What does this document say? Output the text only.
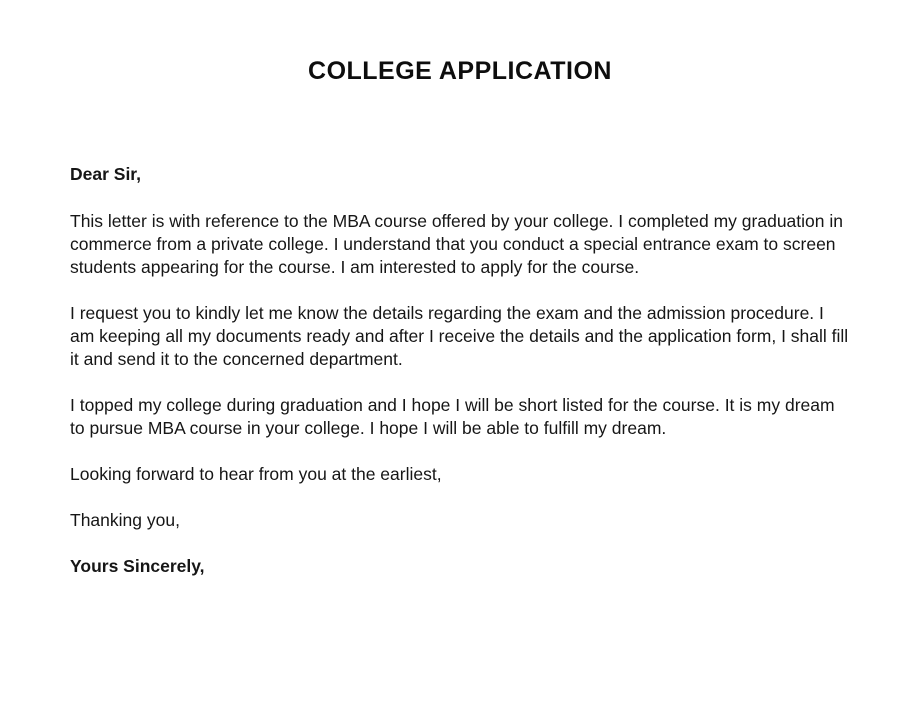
COLLEGE APPLICATION
Dear Sir,
This letter is with reference to the MBA course offered by your college. I completed my graduation in commerce from a private college. I understand that you conduct a special entrance exam to screen students appearing for the course. I am interested to apply for the course.
I request you to kindly let me know the details regarding the exam and the admission procedure. I am keeping all my documents ready and after I receive the details and the application form, I shall fill it and send it to the concerned department.
I topped my college during graduation and I hope I will be short listed for the course. It is my dream to pursue MBA course in your college. I hope I will be able to fulfill my dream.
Looking forward to hear from you at the earliest,
Thanking you,
Yours Sincerely,
